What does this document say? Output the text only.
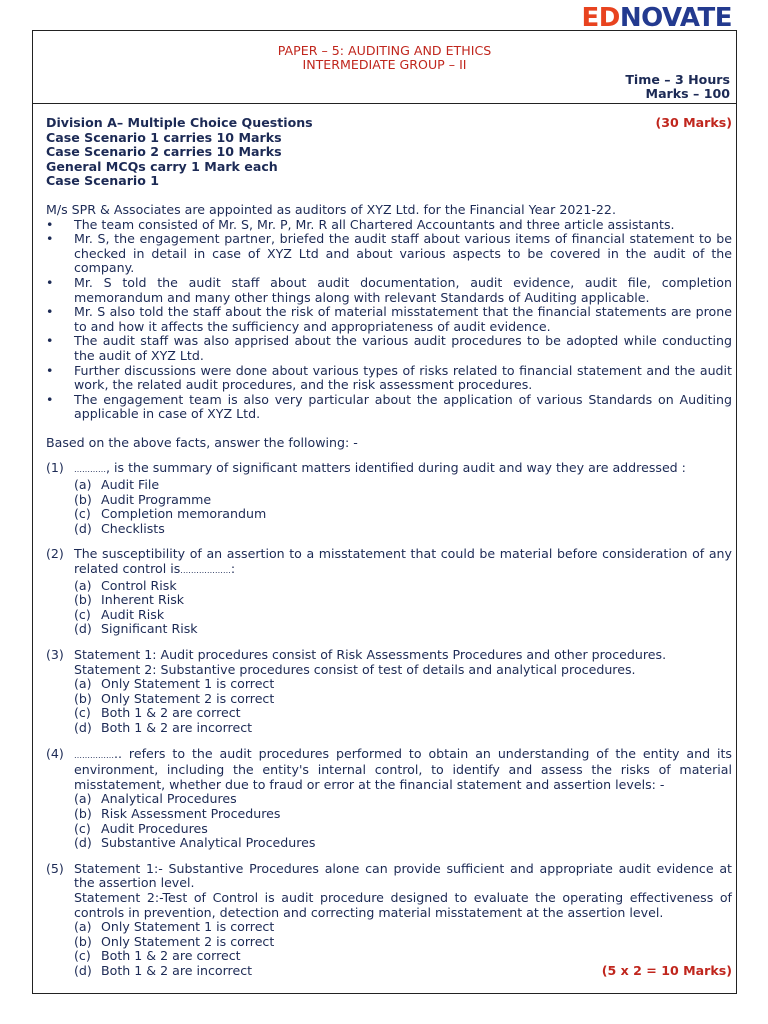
EDNOVATE
PAPER – 5: AUDITING AND ETHICS
INTERMEDIATE GROUP – II
Time – 3 Hours
Marks – 100
Division A– Multiple Choice Questions	(30 Marks)
Case Scenario 1 carries 10 Marks
Case Scenario 2 carries 10 Marks
General MCQs carry 1 Mark each
Case Scenario 1
M/s SPR & Associates are appointed as auditors of XYZ Ltd. for the Financial Year 2021-22.
• The team consisted of Mr. S, Mr. P, Mr. R all Chartered Accountants and three article assistants.
• Mr. S, the engagement partner, briefed the audit staff about various items of financial statement to be checked in detail in case of XYZ Ltd and about various aspects to be covered in the audit of the company.
• Mr. S told the audit staff about audit documentation, audit evidence, audit file, completion memorandum and many other things along with relevant Standards of Auditing applicable.
• Mr. S also told the staff about the risk of material misstatement that the financial statements are prone to and how it affects the sufficiency and appropriateness of audit evidence.
• The audit staff was also apprised about the various audit procedures to be adopted while conducting the audit of XYZ Ltd.
• Further discussions were done about various types of risks related to financial statement and the audit work, the related audit procedures, and the risk assessment procedures.
• The engagement team is also very particular about the application of various Standards on Auditing applicable in case of XYZ Ltd.
Based on the above facts, answer the following: -
(1)	…………, is the summary of significant matters identified during audit and way they are addressed :
(a) Audit File
(b) Audit Programme
(c) Completion memorandum
(d) Checklists
(2) The susceptibility of an assertion to a misstatement that could be material before consideration of any related control is……………….:
(a) Control Risk
(b) Inherent Risk
(c) Audit Risk
(d) Significant Risk
(3) Statement 1: Audit procedures consist of Risk Assessments Procedures and other procedures.
Statement 2: Substantive procedures consist of test of details and analytical procedures.
(a) Only Statement 1 is correct
(b) Only Statement 2 is correct
(c) Both 1 & 2 are correct
(d) Both 1 & 2 are incorrect
(4)	…………….. refers to the audit procedures performed to obtain an understanding of the entity and its environment, including the entity's internal control, to identify and assess the risks of material misstatement, whether due to fraud or error at the financial statement and assertion levels: -
(a) Analytical Procedures
(b) Risk Assessment Procedures
(c) Audit Procedures
(d) Substantive Analytical Procedures
(5) Statement 1:- Substantive Procedures alone can provide sufficient and appropriate audit evidence at the assertion level.
Statement 2:-Test of Control is audit procedure designed to evaluate the operating effectiveness of controls in prevention, detection and correcting material misstatement at the assertion level.
(a) Only Statement 1 is correct
(b) Only Statement 2 is correct
(c) Both 1 & 2 are correct
(d) Both 1 & 2 are incorrect	(5 x 2 = 10 Marks)
